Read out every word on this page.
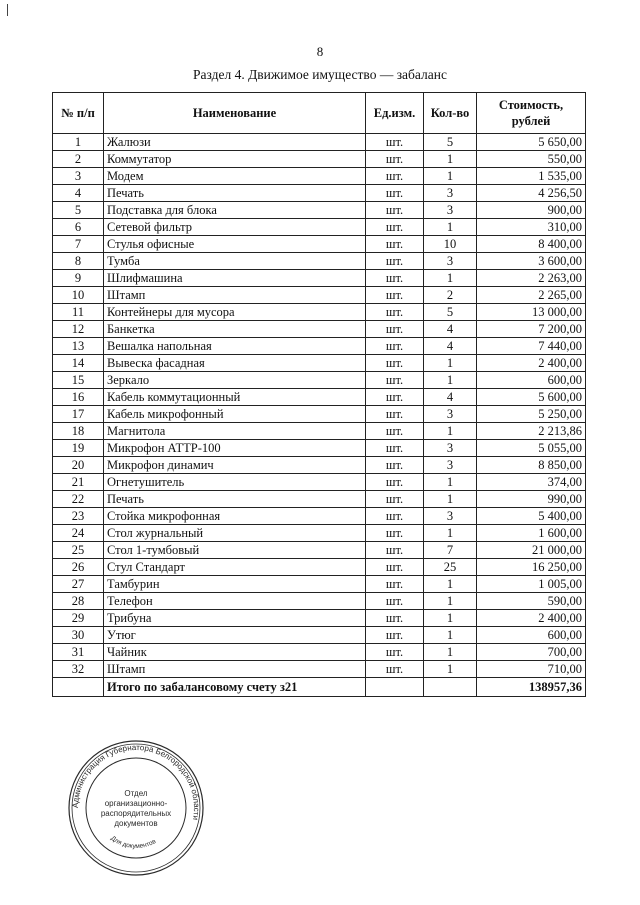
8
Раздел 4. Движимое имущество — забаланс
№ п/п	Наименование	Ед.изм.	Кол-во	Стоимость,
рублей
1	Жалюзи	шт.	5	5 650,00
2	Коммутатор	шт.	1	550,00
3	Модем	шт.	1	1 535,00
4	Печать	шт.	3	4 256,50
5	Подставка для блока	шт.	3	900,00
6	Сетевой фильтр	шт.	1	310,00
7	Стулья офисные	шт.	10	8 400,00
8	Тумба	шт.	3	3 600,00
9	Шлифмашина	шт.	1	2 263,00
10	Штамп	шт.	2	2 265,00
11	Контейнеры для мусора	шт.	5	13 000,00
12	Банкетка	шт.	4	7 200,00
13	Вешалка напольная	шт.	4	7 440,00
14	Вывеска фасадная	шт.	1	2 400,00
15	Зеркало	шт.	1	600,00
16	Кабель коммутационный	шт.	4	5 600,00
17	Кабель микрофонный	шт.	3	5 250,00
18	Магнитола	шт.	1	2 213,86
19	Микрофон АТТР-100	шт.	3	5 055,00
20	Микрофон динамич	шт.	3	8 850,00
21	Огнетушитель	шт.	1	374,00
22	Печать	шт.	1	990,00
23	Стойка микрофонная	шт.	3	5 400,00
24	Стол журнальный	шт.	1	1 600,00
25	Стол 1-тумбовый	шт.	7	21 000,00
26	Стул Стандарт	шт.	25	16 250,00
27	Тамбурин	шт.	1	1 005,00
28	Телефон	шт.	1	590,00
29	Трибуна	шт.	1	2 400,00
30	Утюг	шт.	1	600,00
31	Чайник	шт.	1	700,00
32	Штамп	шт.	1	710,00
	Итого по забалансовому счету з21			138957,36
Администрация Губернатора Белгородской области
Отдел организационно-распорядительных документов
Для документов
